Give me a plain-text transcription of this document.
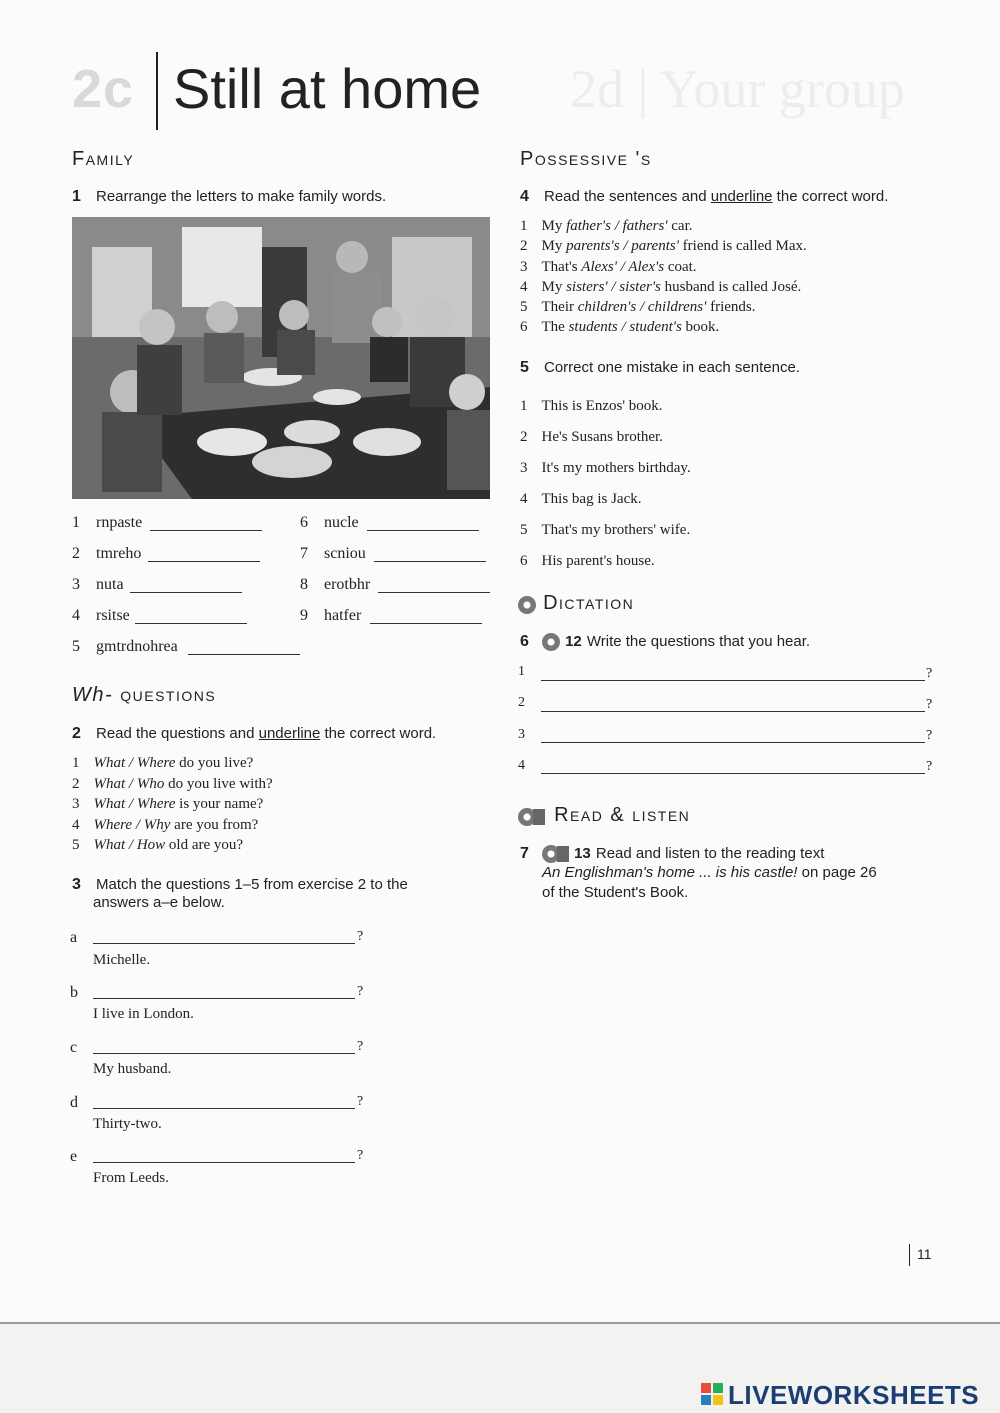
2c Still at home 2d | Your group
Family
1 Rearrange the letters to make family words.
1 rnpaste
2 tmreho
3 nuta
4 rsitse
5 gmtrdnohrea
6 nucle
7 scniou
8 erotbhr
9 hatfer
Wh- questions
2 Read the questions and underline the correct word.
1 What / Where do you live?
2 What / Who do you live with?
3 What / Where is your name?
4 Where / Why are you from?
5 What / How old are you?
3 Match the questions 1–5 from exercise 2 to the
answers a–e below.
a	?
Michelle.
b	?
I live in London.
c	?
My husband.
d	?
Thirty-two.
e	?
From Leeds.
Possessive 's
4 Read the sentences and underline the correct word.
1 My father's / fathers' car.
2 My parents's / parents' friend is called Max.
3 That's Alexs' / Alex's coat.
4 My sisters' / sister's husband is called José.
5 Their children's / childrens' friends.
6 The students / student's book.
5 Correct one mistake in each sentence.
1 This is Enzos' book.
2 He's Susans brother.
3 It's my mothers birthday.
4 This bag is Jack.
5 That's my brothers' wife.
6 His parent's house.
Dictation
6 12 Write the questions that you hear.
1	?
2	?
3	?
4	?
Read & listen
7	13 Read and listen to the reading text
An Englishman's home ... is his castle! on page 26
of the Student's Book.
11
LIVEWORKSHEETS
